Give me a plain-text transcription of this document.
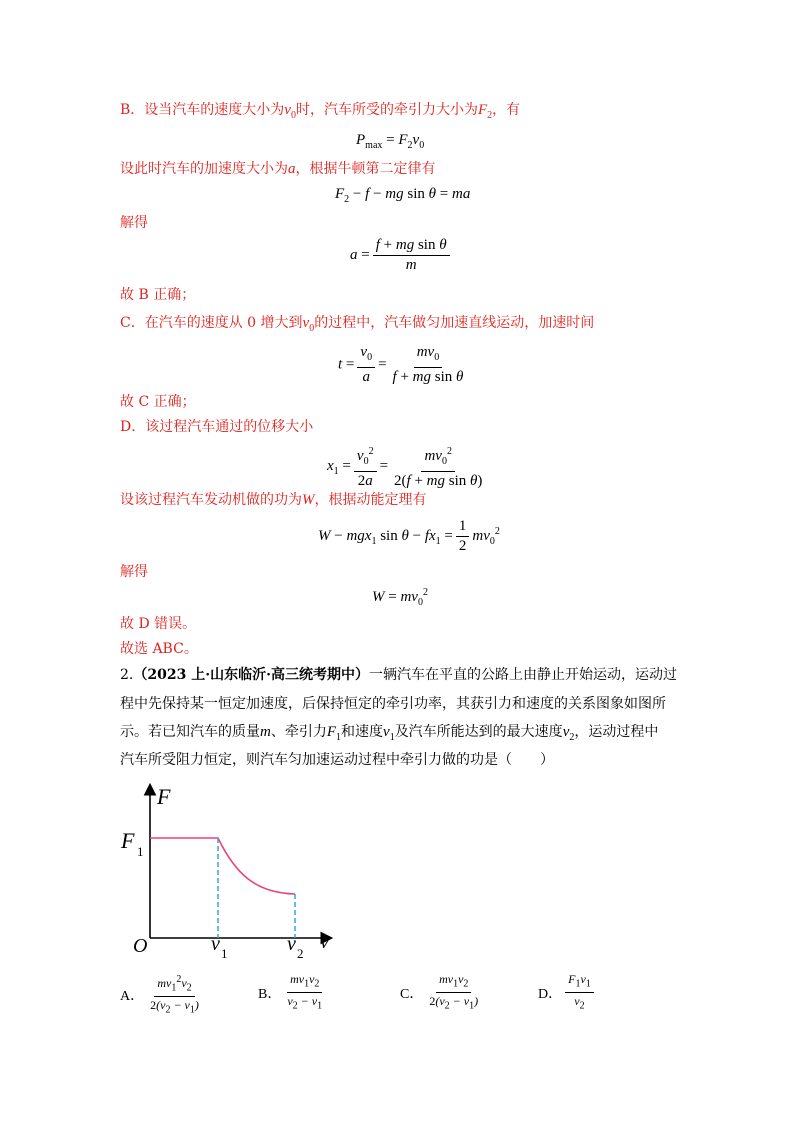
B．设当汽车的速度大小为$v_0$时，汽车所受的牵引力大小为$F_2$，有
$P_{max} = F_2v_0$
设此时汽车的加速度大小为a，根据牛顿第二定律有
$F_2 - f$ − mg sin θ = ma
解得
$a = \frac{\text{f + mg sin θ}}{m}$
故 B 正确；
C．在汽车的速度从 0 增大到$v_0$的过程中，汽车做匀加速直线运动，加速时间
$t = \frac{v_0}{a} = \frac{mv_0}{\text{f + mg sin θ}}$
故 C 正确；
D．该过程汽车通过的位移大小
$x_1 = \frac{v_0^2}{2a} = \frac{mv_0^2}{\text{2(f + mg sin θ)}}$
设该过程汽车发动机做的功为W，根据动能定理有
W − mgx$_1$ $\sin \theta - fx_1 = \frac{1}{2} mv_0^2$
解得
$W = mv_0^2$
故 D 错误。
故选 ABC。
2.（2023 上·山东临沂·高三统考期中）一辆汽车在平直的公路上由静止开始运动，运动过
程中先保持某一恒定加速度，后保持恒定的牵引功率，其获引力和速度的关系图象如图所
示。若已知汽车的质量m、牵引力$F_1$和速度$v_1$及汽车所能达到的最大速度$v_2$，运动过程中
汽车所受阻力恒定，则汽车匀加速运动过程中牵引力做的功是（　　）
F
O	v
F 1
v 1	v 2
A． $\frac{mv_1^2v_2}{2(v_2 - v_1)}$	B． $\frac{mv_1v_2}{v_2 - v_1}$	C． $\frac{mv_1v_2}{2(v_2 - v_1)}$	D． $\frac{F_1v_1}{v_2}$
